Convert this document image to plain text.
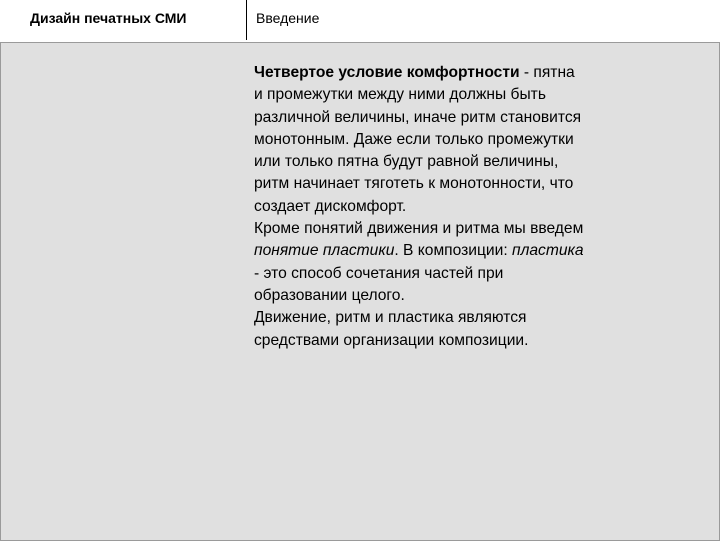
Дизайн печатных СМИ	Введение

Четвертое условие комфортности - пятна
и промежутки между ними должны быть
различной величины, иначе ритм становится
монотонным. Даже если только промежутки
или только пятна будут равной величины,
ритм начинает тяготеть к монотонности, что
создает дискомфорт.

Кроме понятий движения и ритма мы введем
понятие пластики. В композиции: пластика
- это способ сочетания частей при
образовании целого.

Движение, ритм и пластика являются
средствами организации композиции.
